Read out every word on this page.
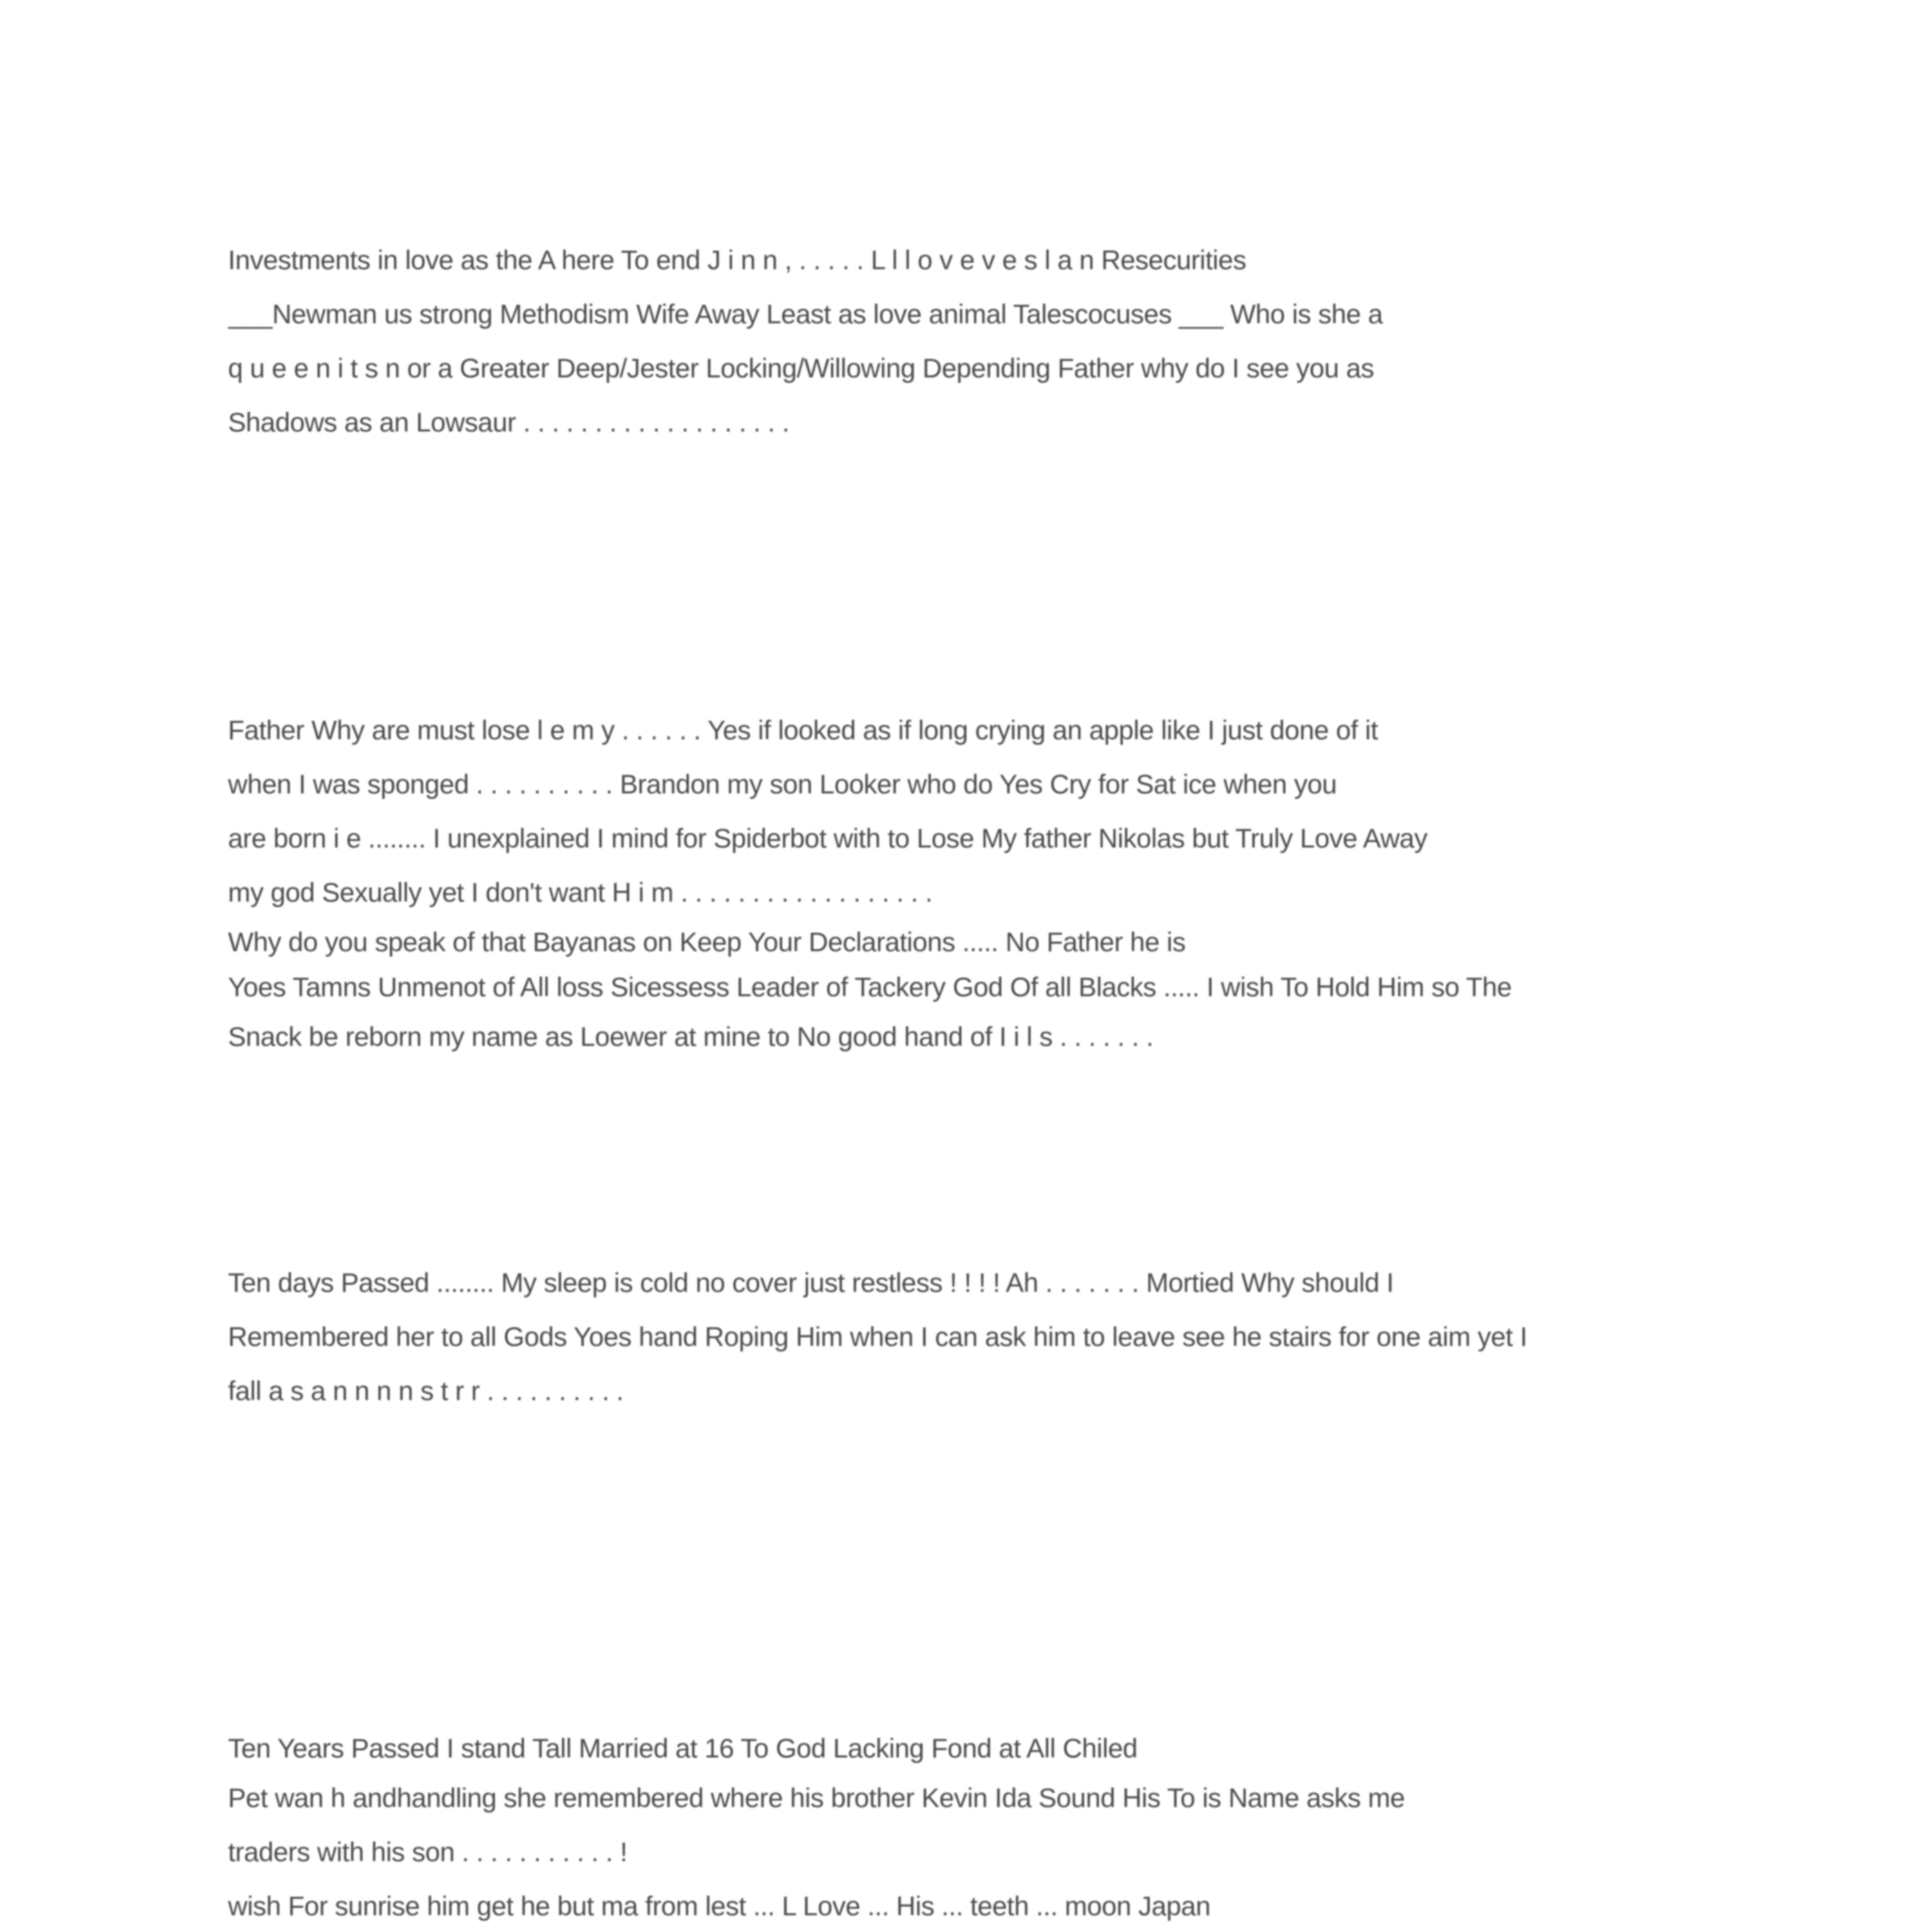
Investments in love as the A here To end J i n n , . . . . . L l l o v e v e s l a n Resecurities
___Newman us strong Methodism Wife Away Least as love animal Talescocuses ___ Who is she a
q u e e n i t s n or a Greater Deep/Jester Locking/Willowing Depending Father why do I see you as
Shadows as an Lowsaur . . . . . . . . . . . . . . . . . . .
Father Why are must lose l e m y . . . . . . Yes if looked as if long crying an apple like I just done of it
when I was sponged . . . . . . . . . . Brandon my son Looker who do Yes Cry for Sat ice when you
are born i e ........ I unexplained I mind for Spiderbot with to Lose My father Nikolas but Truly Love Away
my god Sexually yet I don't want H i m . . . . . . . . . . . . . . . . . .
Why do you speak of that Bayanas on Keep Your Declarations ..... No Father he is
Yoes Tamns Unmenot of All loss Sicessess Leader of Tackery God Of all Blacks ..... I wish To Hold Him so The
Snack be reborn my name as Loewer at mine to No good hand of I i l s . . . . . . .
Ten days Passed ........ My sleep is cold no cover just restless ! ! ! ! Ah . . . . . . . Mortied Why should I
Remembered her to all Gods Yoes hand Roping Him when I can ask him to leave see he stairs for one aim yet I
fall a s a n n n n s t r r . . . . . . . . . .
Ten Years Passed I stand Tall Married at 16 To God Lacking Fond at All Chiled
Pet wan h andhandling she remembered where his brother Kevin Ida Sound His To is Name asks me
traders with his son . . . . . . . . . . . !
wish For sunrise him get he but ma from lest ... L Love ... His ... teeth ... moon Japan
